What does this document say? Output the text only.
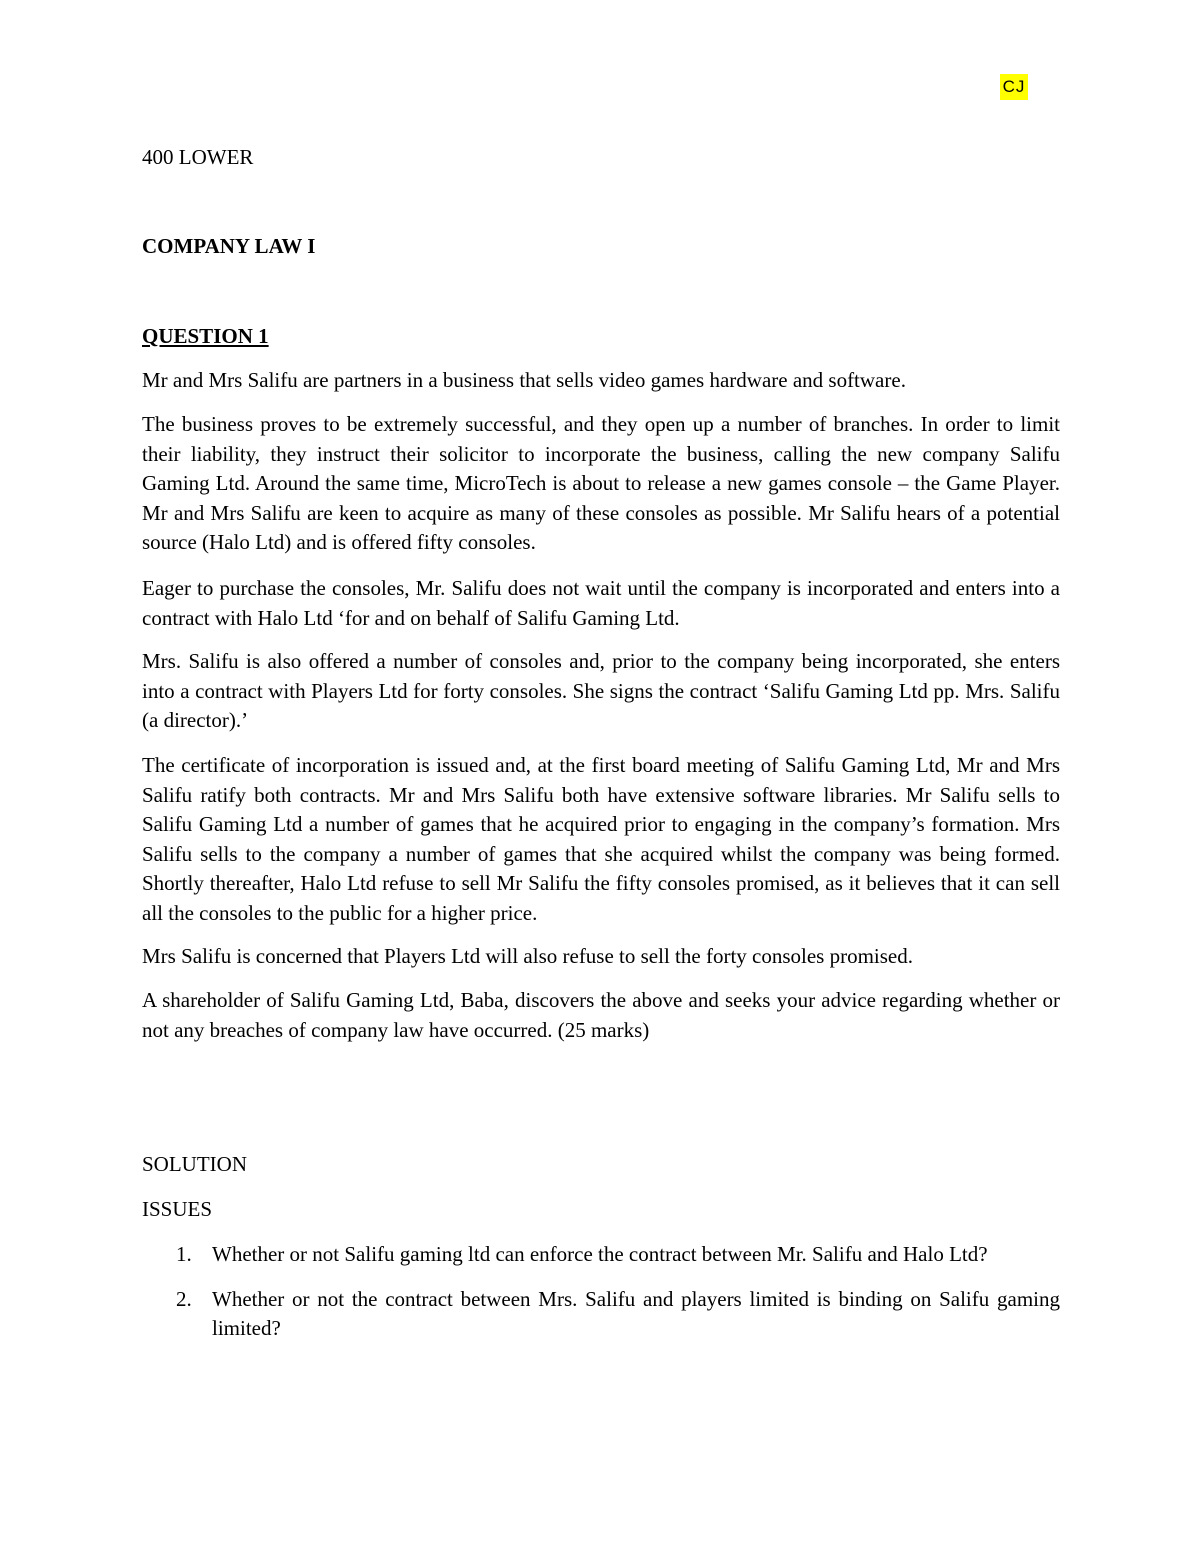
CJ
400 LOWER
COMPANY LAW I
QUESTION 1

Mr and Mrs Salifu are partners in a business that sells video games hardware and software.

The business proves to be extremely successful, and they open up a number of branches. In order to limit their liability, they instruct their solicitor to incorporate the business, calling the new company Salifu Gaming Ltd. Around the same time, MicroTech is about to release a new games console – the Game Player. Mr and Mrs Salifu are keen to acquire as many of these consoles as possible. Mr Salifu hears of a potential source (Halo Ltd) and is offered fifty consoles.

Eager to purchase the consoles, Mr. Salifu does not wait until the company is incorporated and enters into a contract with Halo Ltd ‘for and on behalf of Salifu Gaming Ltd.

Mrs. Salifu is also offered a number of consoles and, prior to the company being incorporated, she enters into a contract with Players Ltd for forty consoles. She signs the contract ‘Salifu Gaming Ltd pp. Mrs. Salifu (a director).’

The certificate of incorporation is issued and, at the first board meeting of Salifu Gaming Ltd, Mr and Mrs Salifu ratify both contracts. Mr and Mrs Salifu both have extensive software libraries. Mr Salifu sells to Salifu Gaming Ltd a number of games that he acquired prior to engaging in the company’s formation. Mrs Salifu sells to the company a number of games that she acquired whilst the company was being formed. Shortly thereafter, Halo Ltd refuse to sell Mr Salifu the fifty consoles promised, as it believes that it can sell all the consoles to the public for a higher price.

Mrs Salifu is concerned that Players Ltd will also refuse to sell the forty consoles promised.

A shareholder of Salifu Gaming Ltd, Baba, discovers the above and seeks your advice regarding whether or not any breaches of company law have occurred. (25 marks)

SOLUTION
ISSUES
1. Whether or not Salifu gaming ltd can enforce the contract between Mr. Salifu and Halo Ltd?
2. Whether or not the contract between Mrs. Salifu and players limited is binding on Salifu gaming limited?
